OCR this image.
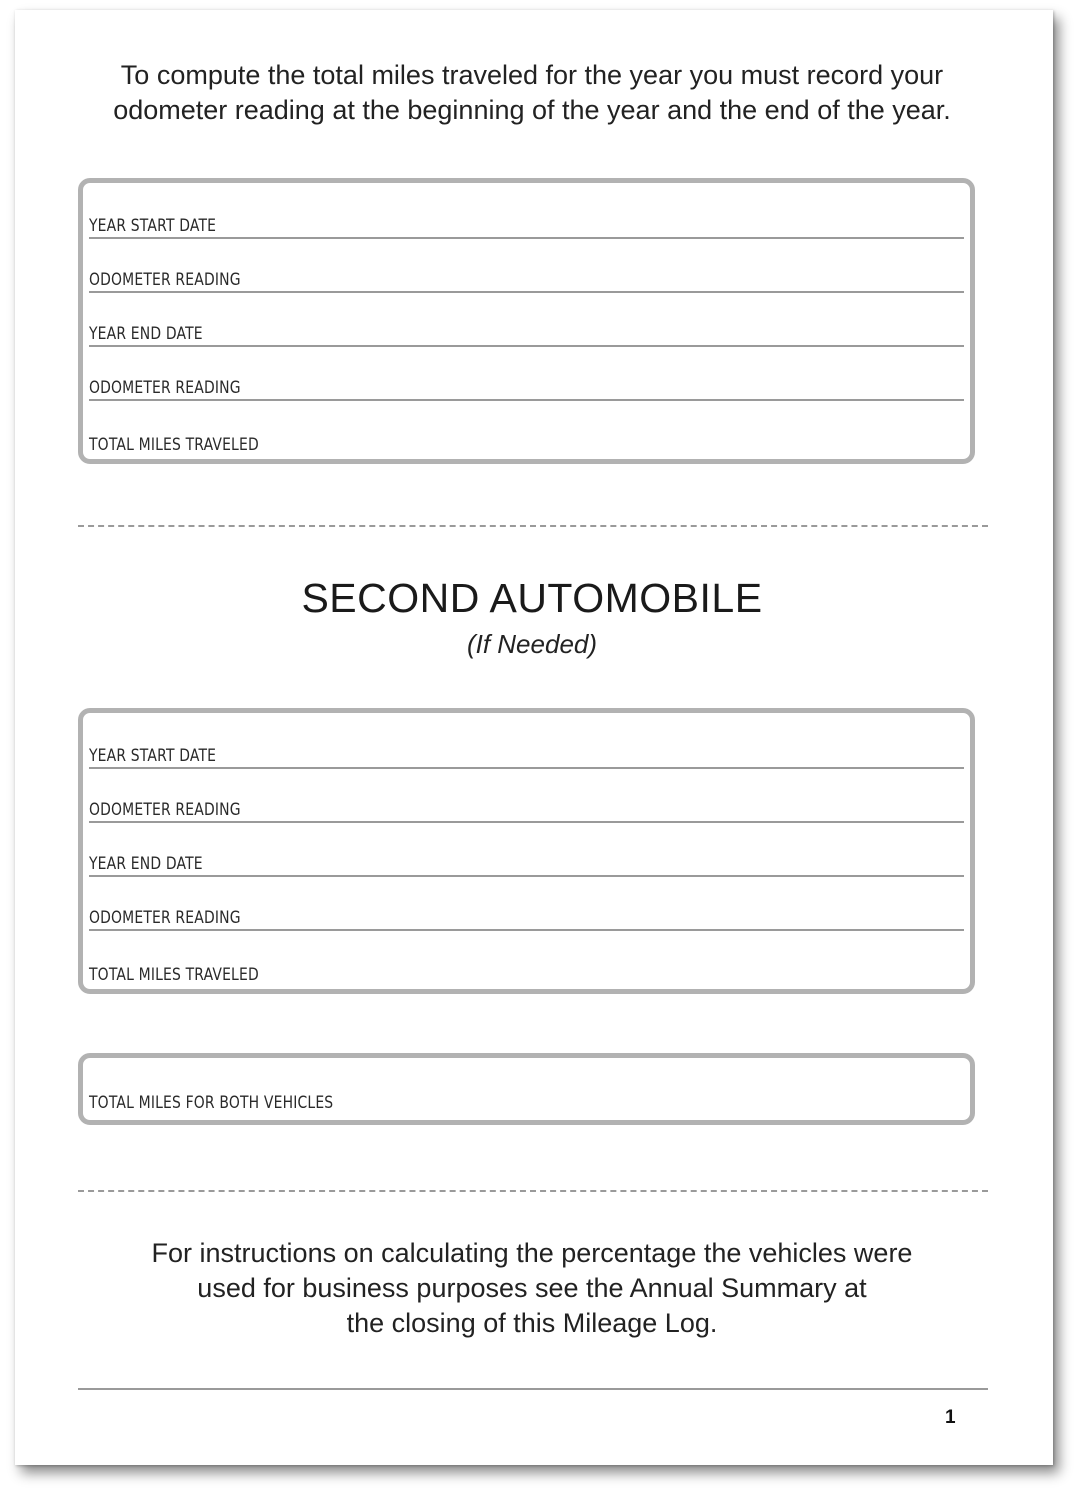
To compute the total miles traveled for the year you must record your
odometer reading at the beginning of the year and the end of the year.

YEAR START DATE
ODOMETER READING
YEAR END DATE
ODOMETER READING
TOTAL MILES TRAVELED
SECOND AUTOMOBILE
(If Needed)
YEAR START DATE
ODOMETER READING
YEAR END DATE
ODOMETER READING
TOTAL MILES TRAVELED
TOTAL MILES FOR BOTH VEHICLES

For instructions on calculating the percentage the vehicles were
used for business purposes see the Annual Summary at
the closing of this Mileage Log.

1
